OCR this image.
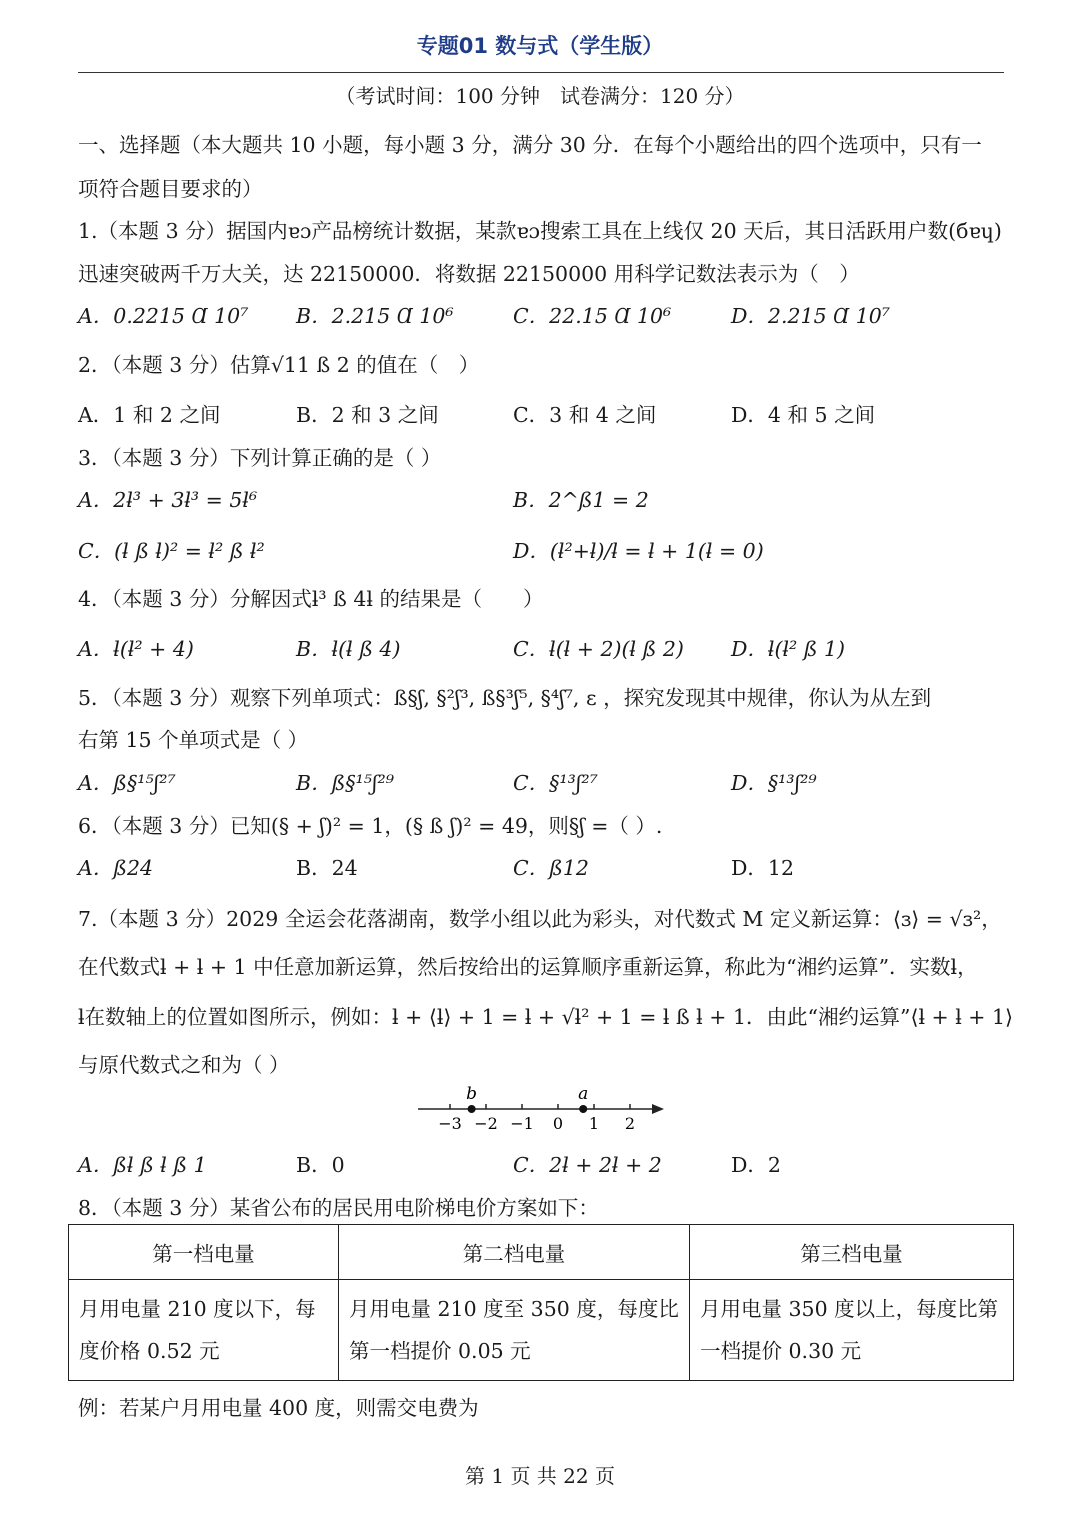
专题01 数与式（学生版）
（考试时间：100 分钟　试卷满分：120 分）
一、选择题（本大题共 10 小题，每小题 3 分，满分 30 分．在每个小题给出的四个选项中，只有一
项符合题目要求的）
1.（本题 3 分）据国内ɐɔ产品榜统计数据，某款ɐɔ搜索工具在上线仅 20 天后，其日活跃用户数(бɐɥ)
迅速突破两千万大关，达 22150000．将数据 22150000 用科学记数法表示为（　）
A．0.2215 Ɑ 10⁷ B．2.215 Ɑ 10⁶	C．22.15 Ɑ 10⁶	D．2.215 Ɑ 10⁷
2．（本题 3 分）估算√11 ß 2 的值在（　）
A．1 和 2 之间	B．2 和 3 之间	C．3 和 4 之间	D．4 和 5 之间
3．（本题 3 分）下列计算正确的是（ ）
A．2ƚ³ + 3ƚ³ = 5ƚ⁶	B．2^ß1 = 2
C．(ƚ ß ƚ)² = ƚ² ß ƚ²	D．(ƚ²+ƚ)/ƚ = ƚ + 1(ƚ = 0)
4．（本题 3 分）分解因式ƚ³ ß 4ƚ 的结果是（　　）
A．ƚ(ƚ² + 4)	B．ƚ(ƚ ß 4)	C．ƚ(ƚ + 2)(ƚ ß 2) D．ƚ(ƚ² ß 1)
5．（本题 3 分）观察下列单项式：ß§ʃ, §²ʃ³, ß§³ʃ⁵, §⁴ʃ⁷, ɛ ，探究发现其中规律，你认为从左到
右第 15 个单项式是（ ）
A．ß§¹⁵ʃ²⁷	B．ß§¹⁵ʃ²⁹	C．§¹³ʃ²⁷	D．§¹³ʃ²⁹
6．（本题 3 分）已知(§ + ʃ)² = 1，(§ ß ʃ)² = 49，则§ʃ =（ ）.
A．ß24	B．24	C．ß12	D．12
7.（本题 3 分）2029 全运会花落湖南，数学小组以此为彩头，对代数式 M 定义新运算：⟨ɜ⟩ = √ɜ²，
在代数式ƚ + ƚ + 1 中任意加新运算，然后按给出的运算顺序重新运算，称此为“湘约运算”．实数ƚ，
ƚ在数轴上的位置如图所示，例如：ƚ + ⟨ƚ⟩ + 1 = ƚ + √ƚ² + 1 = ƚ ß ƚ + 1．由此“湘约运算”⟨ƚ + ƚ + 1⟩
与原代数式之和为（ ）
−3 −2 −1 0 1 2
b	a
A．ßƚ ß ƚ ß 1	B．0	C．2ƚ + 2ƚ + 2	D．2
8．（本题 3 分）某省公布的居民用电阶梯电价方案如下：
第一档电量	第二档电量	第三档电量
月用电量 210 度以下，每度价格 0.52 元	月用电量 210 度至 350 度，每度比第一档提价 0.05 元	月用电量 350 度以上，每度比第一档提价 0.30 元
例：若某户月用电量 400 度，则需交电费为
第 1 页 共 22 页
